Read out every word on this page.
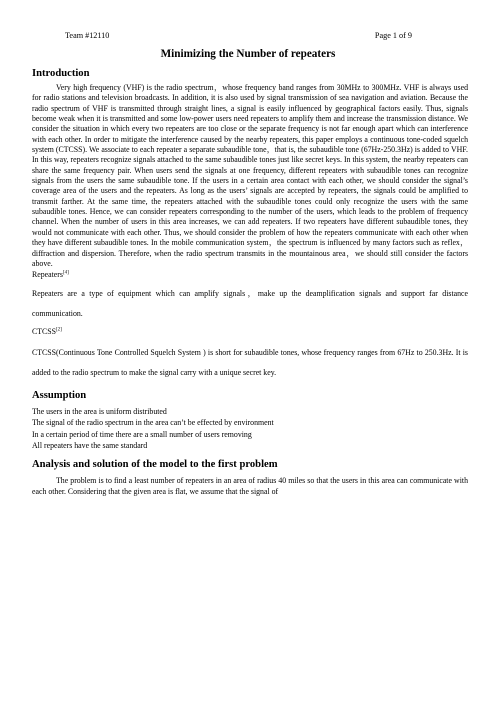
Team #12110	Page 1 of 9
Minimizing the Number of repeaters
Introduction

Very high frequency (VHF) is the radio spectrum，whose frequency band ranges from 30MHz to 300MHz. VHF is always used for radio stations and television broadcasts. In addition, it is also used by signal transmission of sea navigation and aviation. Because the radio spectrum of VHF is transmitted through straight lines, a signal is easily influenced by geographical factors easily. Thus, signals become weak when it is transmitted and some low-power users need repeaters to amplify them and increase the transmission distance. We consider the situation in which every two repeaters are too close or the separate frequency is not far enough apart which can interference with each other. In order to mitigate the interference caused by the nearby repeaters, this paper employs a continuous tone-coded squelch system (CTCSS). We associate to each repeater a separate subaudible tone，that is, the subaudible tone (67Hz-250.3Hz) is added to VHF. In this way, repeaters recognize signals attached to the same subaudible tones just like secret keys. In this system, the nearby repeaters can share the same frequency pair. When users send the signals at one frequency, different repeaters with subaudible tones can recognize signals from the users the same subaudible tone. If the users in a certain area contact with each other, we should consider the signal’s coverage area of the users and the repeaters. As long as the users’ signals are accepted by repeaters, the signals could be amplified to transmit farther. At the same time, the repeaters attached with the subaudible tones could only recognize the users with the same subaudible tones. Hence, we can consider repeaters corresponding to the number of the users, which leads to the problem of frequency channel. When the number of users in this area increases, we can add repeaters. If two repeaters have different subaudible tones, they would not communicate with each other. Thus, we should consider the problem of how the repeaters communicate with each other when they have different subaudible tones. In the mobile communication system，the spectrum is influenced by many factors such as reflex，diffraction and dispersion. Therefore, when the radio spectrum transmits in the mountainous area，we should still consider the factors above.

Repeaters[4]

Repeaters are a type of equipment which can amplify signals，make up the deamplification signals and support far distance communication.

CTCSS[2]

CTCSS(Continuous Tone Controlled Squelch System ) is short for subaudible tones, whose frequency ranges from 67Hz to 250.3Hz. It is added to the radio spectrum to make the signal carry with a unique secret key.

Assumption
The users in the area is uniform distributed
The signal of the radio spectrum in the area can’t be effected by environment
In a certain period of time there are a small number of users removing
All repeaters have the same standard
Analysis and solution of the model to the first problem

The problem is to find a least number of repeaters in an area of radius 40 miles so that the users in this area can communicate with each other. Considering that the given area is flat, we assume that the signal of
